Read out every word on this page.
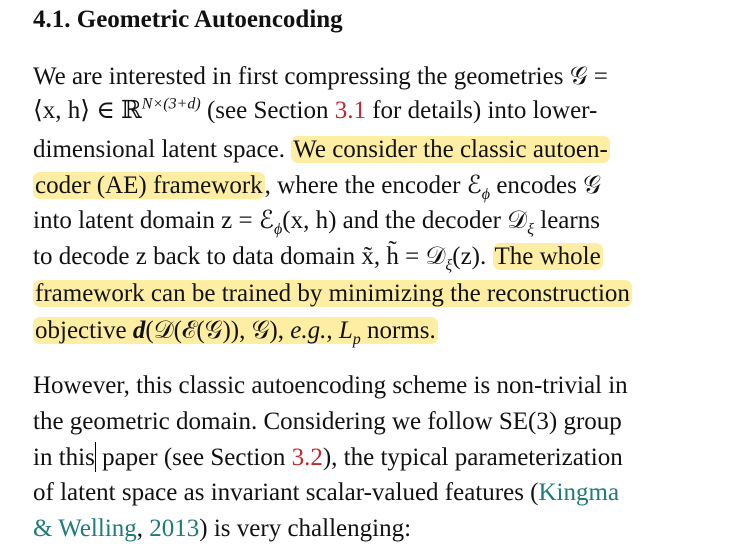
4.1. Geometric Autoencoding
We are interested in first compressing the geometries 𝒢 =
⟨x, h⟩ ∈ ℝ$^{N\times(3+d)}$ (see Section 3.1 for details) into lower-
dimensional latent space. We consider the classic autoen-
coder (AE) framework, where the encoder ℰ$_\phi$ encodes 𝒢
into latent domain z = ℰ$_\phi$(x, h) and the decoder 𝒟$_\xi$ learns
to decode z back to data domain x̃, h̃ = 𝒟$_\xi$(z). The whole
framework can be trained by minimizing the reconstruction
objective d(𝒟(ℰ(𝒢)), 𝒢), e.g., $L_p$ norms.
However, this classic autoencoding scheme is non-trivial in
the geometric domain. Considering we follow SE(3) group
in this paper (see Section 3.2), the typical parameterization
of latent space as invariant scalar-valued features (Kingma
& Welling, 2013) is very challenging:
